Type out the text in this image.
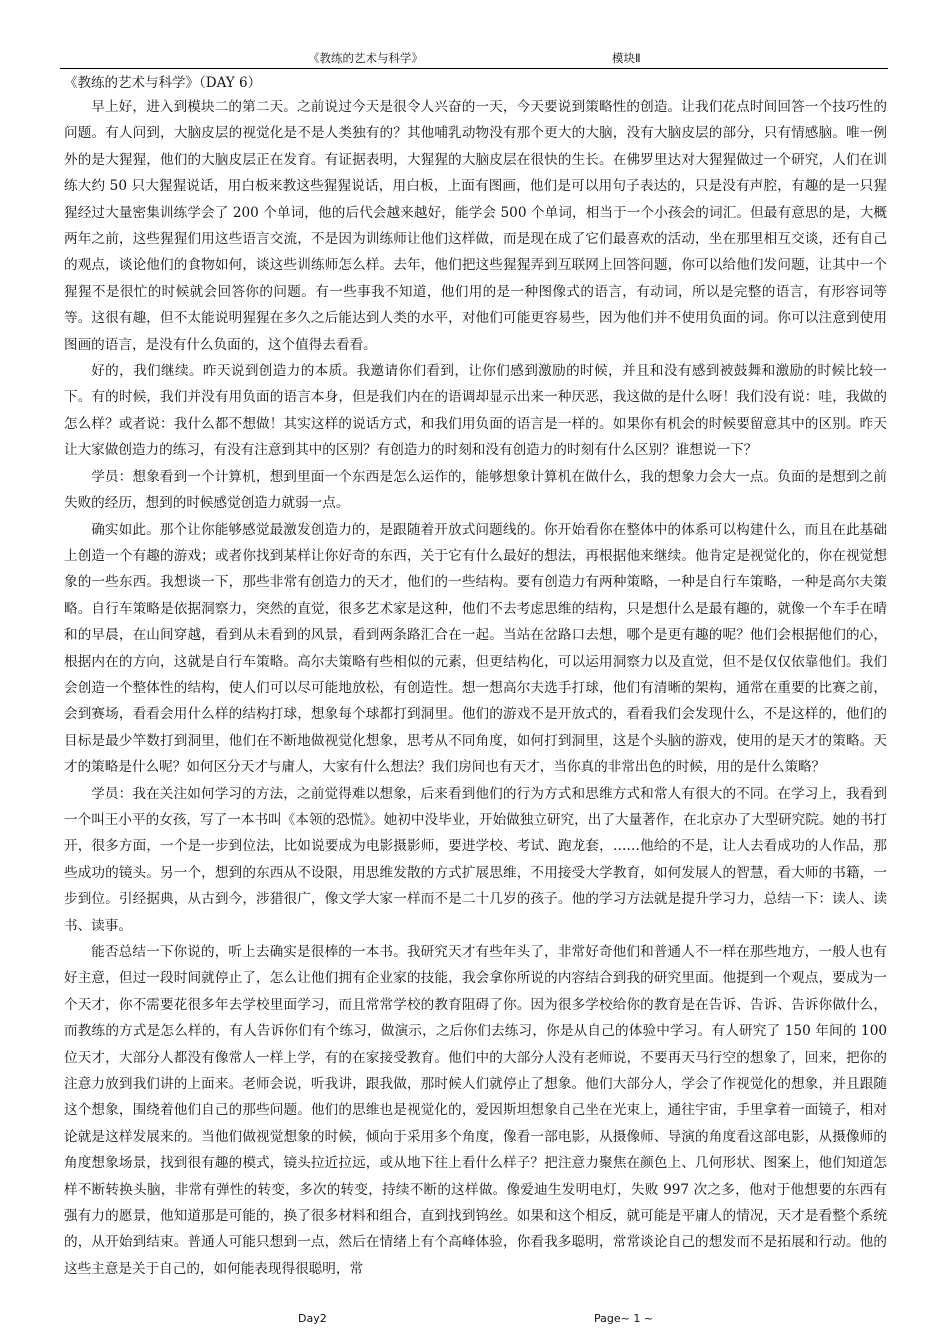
《教练的艺术与科学》	模块Ⅱ
《教练的艺术与科学》（DAY 6）

早上好，进入到模块二的第二天。之前说过今天是很令人兴奋的一天，今天要说到策略性的创造。让我们花点时间回答一个技巧性的问题。有人问到，大脑皮层的视觉化是不是人类独有的？其他哺乳动物没有那个更大的大脑，没有大脑皮层的部分，只有情感脑。唯一例外的是大猩猩，他们的大脑皮层正在发育。有证据表明，大猩猩的大脑皮层在很快的生长。在佛罗里达对大猩猩做过一个研究，人们在训练大约 50 只大猩猩说话，用白板来教这些猩猩说话，用白板，上面有图画，他们是可以用句子表达的，只是没有声腔，有趣的是一只猩猩经过大量密集训练学会了 200 个单词，他的后代会越来越好，能学会 500 个单词，相当于一个小孩会的词汇。但最有意思的是，大概两年之前，这些猩猩们用这些语言交流，不是因为训练师让他们这样做，而是现在成了它们最喜欢的活动，坐在那里相互交谈，还有自己的观点，谈论他们的食物如何，谈这些训练师怎么样。去年，他们把这些猩猩弄到互联网上回答问题，你可以给他们发问题，让其中一个猩猩不是很忙的时候就会回答你的问题。有一些事我不知道，他们用的是一种图像式的语言，有动词，所以是完整的语言，有形容词等等。这很有趣，但不太能说明猩猩在多久之后能达到人类的水平，对他们可能更容易些，因为他们并不使用负面的词。你可以注意到使用图画的语言，是没有什么负面的，这个值得去看看。

好的，我们继续。昨天说到创造力的本质。我邀请你们看到，让你们感到激励的时候，并且和没有感到被鼓舞和激励的时候比较一下。有的时候，我们并没有用负面的语言本身，但是我们内在的语调却显示出来一种厌恶，我这做的是什么呀！我们没有说：哇，我做的怎么样？或者说：我什么都不想做！其实这样的说话方式，和我们用负面的语言是一样的。如果你有机会的时候要留意其中的区别。昨天让大家做创造力的练习，有没有注意到其中的区别？有创造力的时刻和没有创造力的时刻有什么区别？谁想说一下？

学员：想象看到一个计算机，想到里面一个东西是怎么运作的，能够想象计算机在做什么，我的想象力会大一点。负面的是想到之前失败的经历，想到的时候感觉创造力就弱一点。

确实如此。那个让你能够感觉最激发创造力的，是跟随着开放式问题线的。你开始看你在整体中的体系可以构建什么，而且在此基础上创造一个有趣的游戏；或者你找到某样让你好奇的东西，关于它有什么最好的想法，再根据他来继续。他肯定是视觉化的，你在视觉想象的一些东西。我想谈一下，那些非常有创造力的天才，他们的一些结构。要有创造力有两种策略，一种是自行车策略，一种是高尔夫策略。自行车策略是依据洞察力，突然的直觉，很多艺术家是这种，他们不去考虑思维的结构，只是想什么是最有趣的，就像一个车手在晴和的早晨，在山间穿越，看到从未看到的风景，看到两条路汇合在一起。当站在岔路口去想，哪个是更有趣的呢？他们会根据他们的心，根据内在的方向，这就是自行车策略。高尔夫策略有些相似的元素，但更结构化，可以运用洞察力以及直觉，但不是仅仅依靠他们。我们会创造一个整体性的结构，使人们可以尽可能地放松，有创造性。想一想高尔夫选手打球，他们有清晰的架构，通常在重要的比赛之前，会到赛场，看看会用什么样的结构打球，想象每个球都打到洞里。他们的游戏不是开放式的，看看我们会发现什么，不是这样的，他们的目标是最少竿数打到洞里，他们在不断地做视觉化想象，思考从不同角度，如何打到洞里，这是个头脑的游戏，使用的是天才的策略。天才的策略是什么呢？如何区分天才与庸人，大家有什么想法？我们房间也有天才，当你真的非常出色的时候，用的是什么策略？

学员：我在关注如何学习的方法，之前觉得难以想象，后来看到他们的行为方式和思维方式和常人有很大的不同。在学习上，我看到一个叫王小平的女孩，写了一本书叫《本领的恐慌》。她初中没毕业，开始做独立研究，出了大量著作，在北京办了大型研究院。她的书打开，很多方面，一个是一步到位法，比如说要成为电影摄影师，要进学校、考试、跑龙套，……他给的不是，让人去看成功的人作品，那些成功的镜头。另一个，想到的东西从不设限，用思维发散的方式扩展思维，不用接受大学教育，如何发展人的智慧，看大师的书籍，一步到位。引经据典，从古到今，涉猎很广，像文学大家一样而不是二十几岁的孩子。他的学习方法就是提升学习力，总结一下：读人、读书、读事。

能否总结一下你说的，听上去确实是很棒的一本书。我研究天才有些年头了，非常好奇他们和普通人不一样在那些地方，一般人也有好主意，但过一段时间就停止了，怎么让他们拥有企业家的技能，我会拿你所说的内容结合到我的研究里面。他提到一个观点，要成为一个天才，你不需要花很多年去学校里面学习，而且常常学校的教育阻碍了你。因为很多学校给你的教育是在告诉、告诉、告诉你做什么，而教练的方式是怎么样的，有人告诉你们有个练习，做演示，之后你们去练习，你是从自己的体验中学习。有人研究了 150 年间的 100 位天才，大部分人都没有像常人一样上学，有的在家接受教育。他们中的大部分人没有老师说，不要再天马行空的想象了，回来，把你的注意力放到我们讲的上面来。老师会说，听我讲，跟我做，那时候人们就停止了想象。他们大部分人，学会了作视觉化的想象，并且跟随这个想象，围绕着他们自己的那些问题。他们的思维也是视觉化的，爱因斯坦想象自己坐在光束上，通往宇宙，手里拿着一面镜子，相对论就是这样发展来的。当他们做视觉想象的时候，倾向于采用多个角度，像看一部电影，从摄像师、导演的角度看这部电影，从摄像师的角度想象场景，找到很有趣的模式，镜头拉近拉远，或从地下往上看什么样子？把注意力聚焦在颜色上、几何形状、图案上，他们知道怎样不断转换头脑，非常有弹性的转变，多次的转变，持续不断的这样做。像爱迪生发明电灯，失败 997 次之多，他对于他想要的东西有强有力的愿景，他知道那是可能的，换了很多材料和组合，直到找到钨丝。如果和这个相反，就可能是平庸人的情况，天才是看整个系统的，从开始到结束。普通人可能只想到一点，然后在情绪上有个高峰体验，你看我多聪明，常常谈论自己的想发而不是拓展和行动。他的这些主意是关于自己的，如何能表现得很聪明，常

Day2	Page~ 1 ~
